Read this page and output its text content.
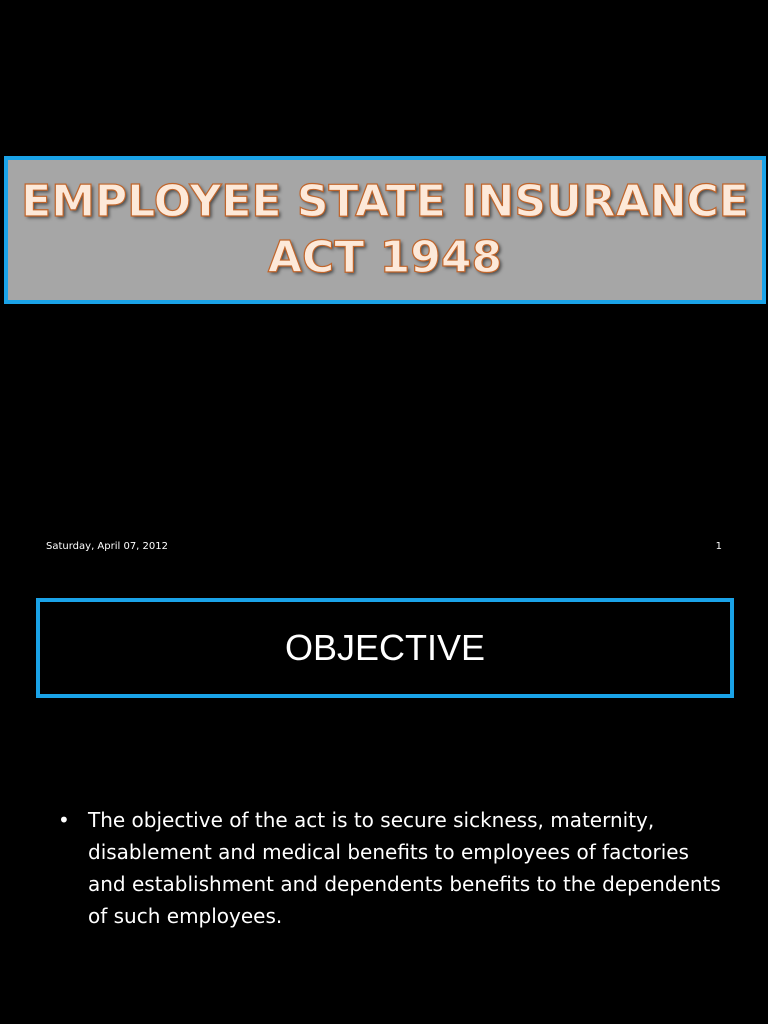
EMPLOYEE STATE INSURANCE
ACT 1948
Saturday, April 07, 2012	1
OBJECTIVE
• The objective of the act is to secure sickness, maternity, disablement and medical benefits to employees of factories and establishment and dependents benefits to the dependents of such employees.
